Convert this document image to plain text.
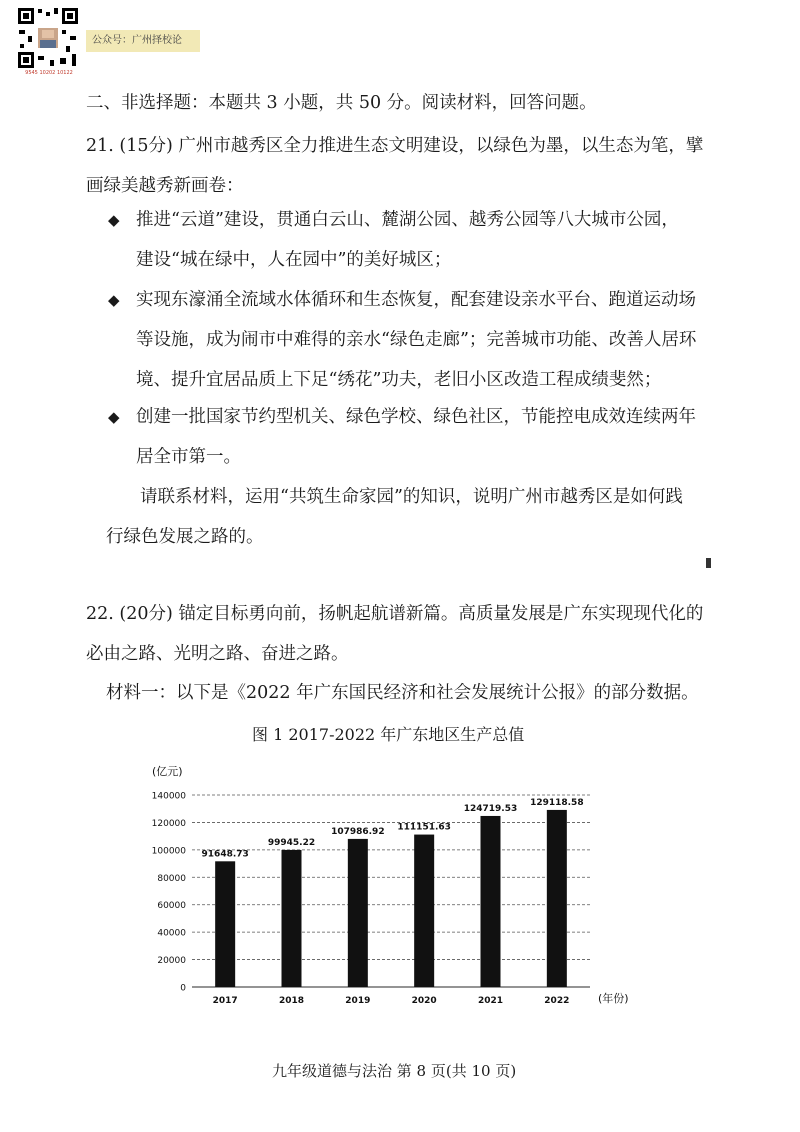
9545 10202 10122
公众号：广州择校论
二、非选择题：本题共 3 小题，共 50 分。阅读材料，回答问题。
21. (15分) 广州市越秀区全力推进生态文明建设，以绿色为墨，以生态为笔，擘
画绿美越秀新画卷：
◆ 推进“云道”建设，贯通白云山、麓湖公园、越秀公园等八大城市公园，
建设“城在绿中，人在园中”的美好城区；
◆ 实现东濠涌全流域水体循环和生态恢复，配套建设亲水平台、跑道运动场
等设施，成为闹市中难得的亲水“绿色走廊”；完善城市功能、改善人居环
境、提升宜居品质上下足“绣花”功夫，老旧小区改造工程成绩斐然；
◆ 创建一批国家节约型机关、绿色学校、绿色社区，节能控电成效连续两年
居全市第一。
请联系材料，运用“共筑生命家园”的知识，说明广州市越秀区是如何践
行绿色发展之路的。
22. (20分) 锚定目标勇向前，扬帆起航谱新篇。高质量发展是广东实现现代化的
必由之路、光明之路、奋进之路。
材料一：以下是《2022 年广东国民经济和社会发展统计公报》的部分数据。
图 1 2017-2022 年广东地区生产总值
(亿元)
(年份)
0
20000
40000
60000
80000
100000
120000
140000
91648.73
2017
99945.22
2018
107986.92
2019
111151.63
2020
124719.53
2021
129118.58
2022
九年级道德与法治 第 8 页(共 10 页)
